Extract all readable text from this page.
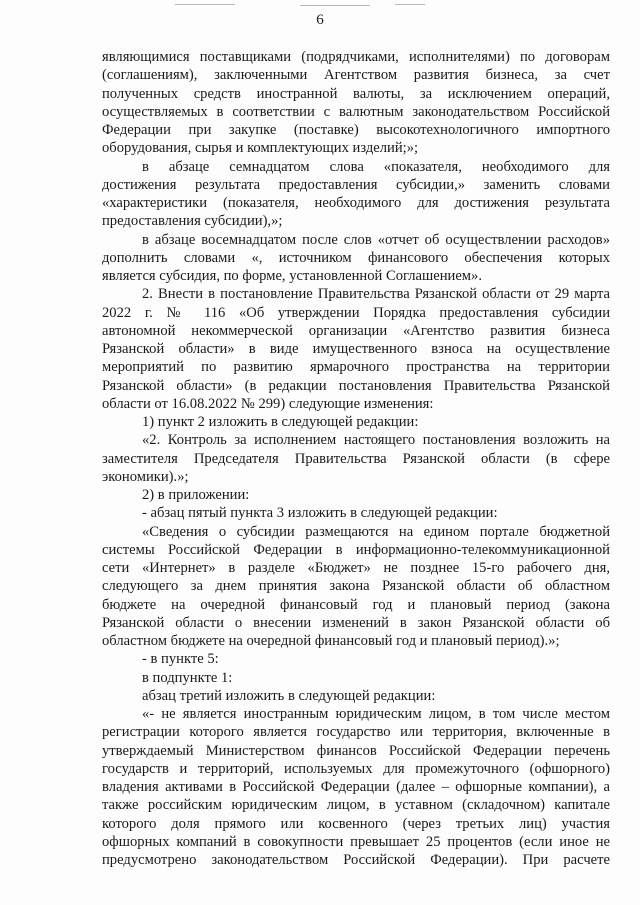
6
являющимися поставщиками (подрядчиками, исполнителями) по договорам
(соглашениям), заключенными Агентством развития бизнеса, за счет
полученных средств иностранной валюты, за исключением операций,
осуществляемых в соответствии с валютным законодательством Российской
Федерации при закупке (поставке) высокотехнологичного импортного
оборудования, сырья и комплектующих изделий;»;
в абзаце семнадцатом слова «показателя, необходимого для
достижения результата предоставления субсидии,» заменить словами
«характеристики (показателя, необходимого для достижения результата
предоставления субсидии),»;
в абзаце восемнадцатом после слов «отчет об осуществлении расходов»
дополнить словами «, источником финансового обеспечения которых
является субсидия, по форме, установленной Соглашением».
2. Внести в постановление Правительства Рязанской области от 29 марта
2022 г. № 116 «Об утверждении Порядка предоставления субсидии
автономной некоммерческой организации «Агентство развития бизнеса
Рязанской области» в виде имущественного взноса на осуществление
мероприятий по развитию ярмарочного пространства на территории
Рязанской области» (в редакции постановления Правительства Рязанской
области от 16.08.2022 № 299) следующие изменения:
1) пункт 2 изложить в следующей редакции:
«2. Контроль за исполнением настоящего постановления возложить на
заместителя Председателя Правительства Рязанской области (в сфере
экономики).»;
2) в приложении:
- абзац пятый пункта 3 изложить в следующей редакции:
«Сведения о субсидии размещаются на едином портале бюджетной
системы Российской Федерации в информационно-телекоммуникационной
сети «Интернет» в разделе «Бюджет» не позднее 15-го рабочего дня,
следующего за днем принятия закона Рязанской области об областном
бюджете на очередной финансовый год и плановый период (закона
Рязанской области о внесении изменений в закон Рязанской области об
областном бюджете на очередной финансовый год и плановый период).»;
- в пункте 5:
в подпункте 1:
абзац третий изложить в следующей редакции:
«- не является иностранным юридическим лицом, в том числе местом
регистрации которого является государство или территория, включенные в
утверждаемый Министерством финансов Российской Федерации перечень
государств и территорий, используемых для промежуточного (офшорного)
владения активами в Российской Федерации (далее – офшорные компании), а
также российским юридическим лицом, в уставном (складочном) капитале
которого доля прямого или косвенного (через третьих лиц) участия
офшорных компаний в совокупности превышает 25 процентов (если иное не
предусмотрено законодательством Российской Федерации). При расчете
